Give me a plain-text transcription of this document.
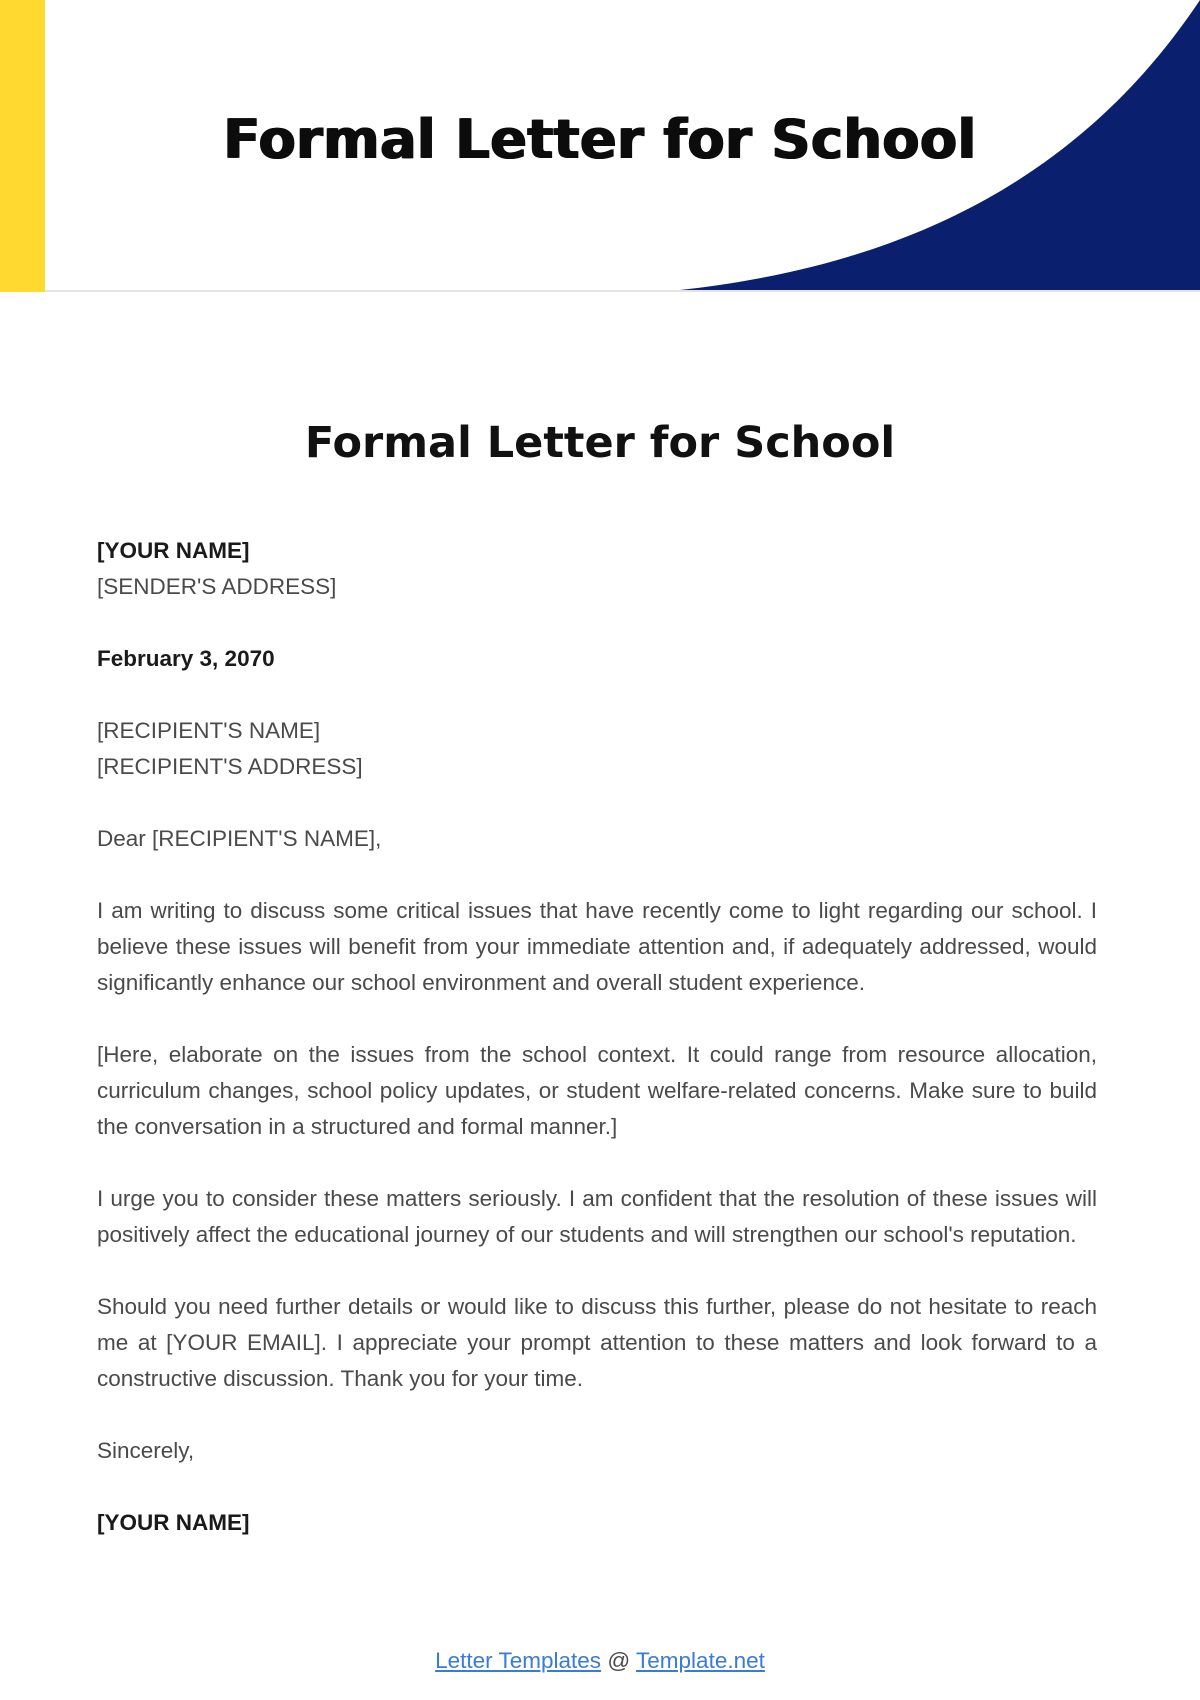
Formal Letter for School
Formal Letter for School

[YOUR NAME]
[SENDER'S ADDRESS]

February 3, 2070

[RECIPIENT'S NAME]
[RECIPIENT'S ADDRESS]

Dear [RECIPIENT'S NAME],

I am writing to discuss some critical issues that have recently come to light regarding our school. I believe these issues will benefit from your immediate attention and, if adequately addressed, would significantly enhance our school environment and overall student experience.

[Here, elaborate on the issues from the school context. It could range from resource allocation, curriculum changes, school policy updates, or student welfare-related concerns. Make sure to build the conversation in a structured and formal manner.]

I urge you to consider these matters seriously. I am confident that the resolution of these issues will positively affect the educational journey of our students and will strengthen our school's reputation.

Should you need further details or would like to discuss this further, please do not hesitate to reach me at [YOUR EMAIL]. I appreciate your prompt attention to these matters and look forward to a constructive discussion. Thank you for your time.

Sincerely,

[YOUR NAME]

Letter Templates @ Template.net
